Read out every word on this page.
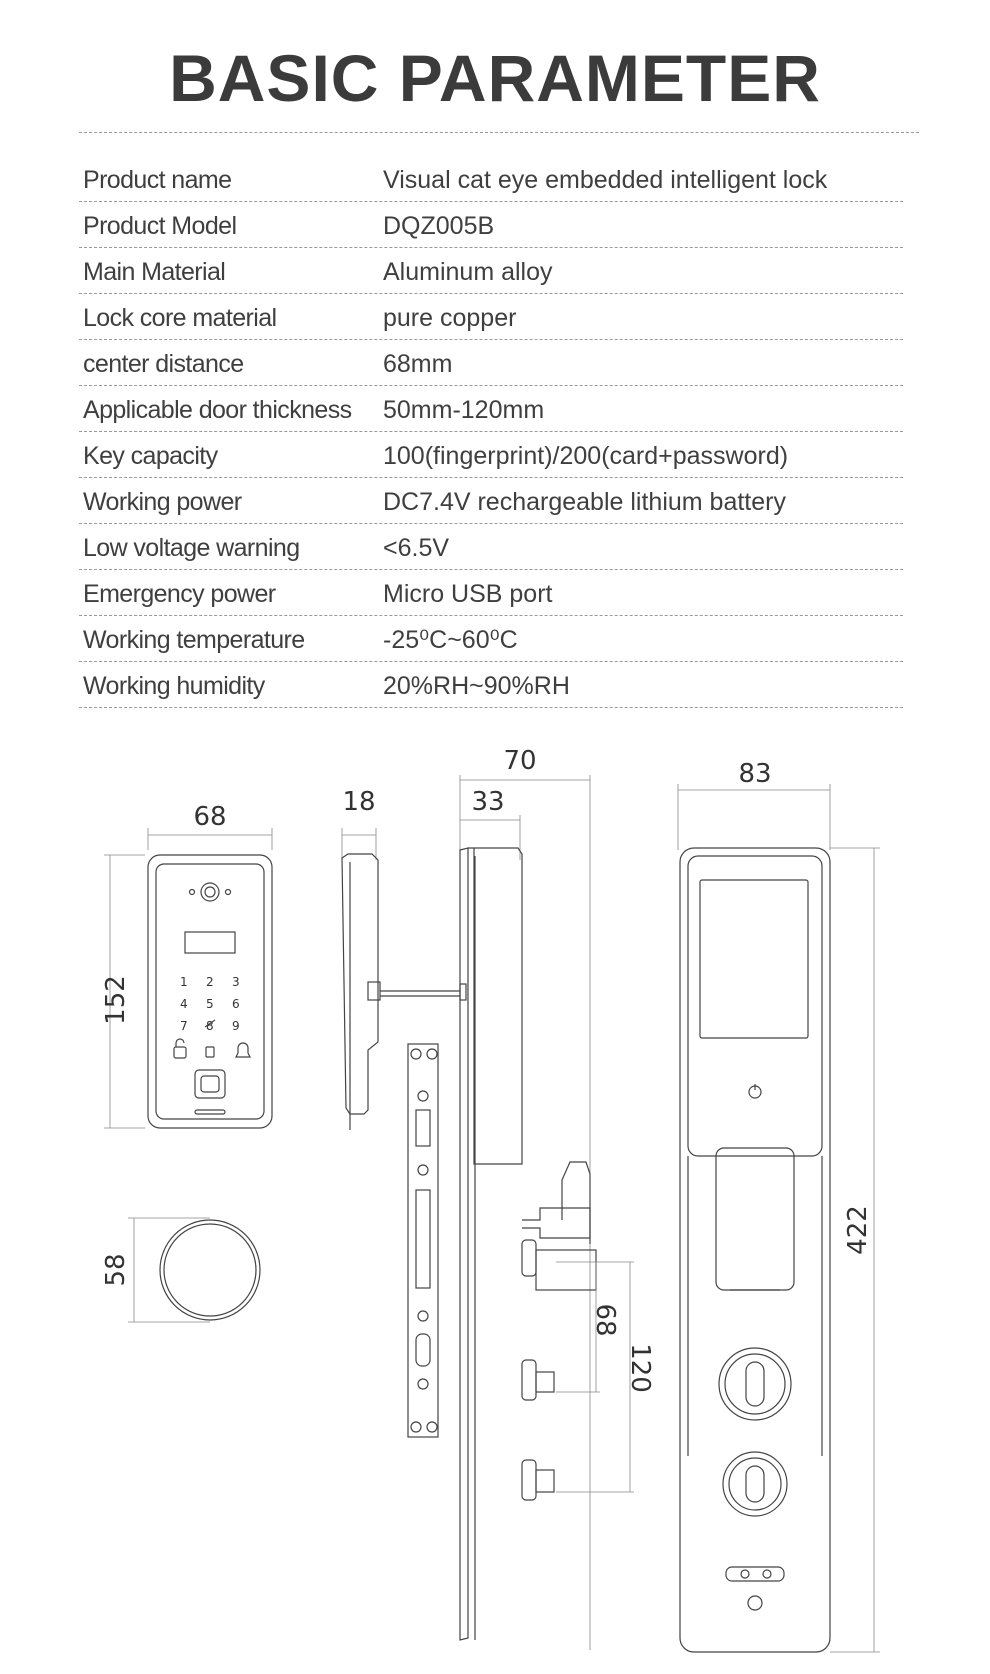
BASIC PARAMETER
Product name	Visual cat eye embedded intelligent lock
Product Model	DQZ005B
Main Material	Aluminum alloy
Lock core material	pure copper
center distance	68mm
Applicable door thickness	50mm-120mm
Key capacity	100(fingerprint)/200(card+password)
Working power	DC7.4V rechargeable lithium battery
Low voltage warning	<6.5V
Emergency power	Micro USB port
Working temperature	-25⁰C~60⁰C
Working humidity	20%RH~90%RH
1 2 3
4 5 6
7 8 9
68	18
70
33
83
152
58
422
68
120
